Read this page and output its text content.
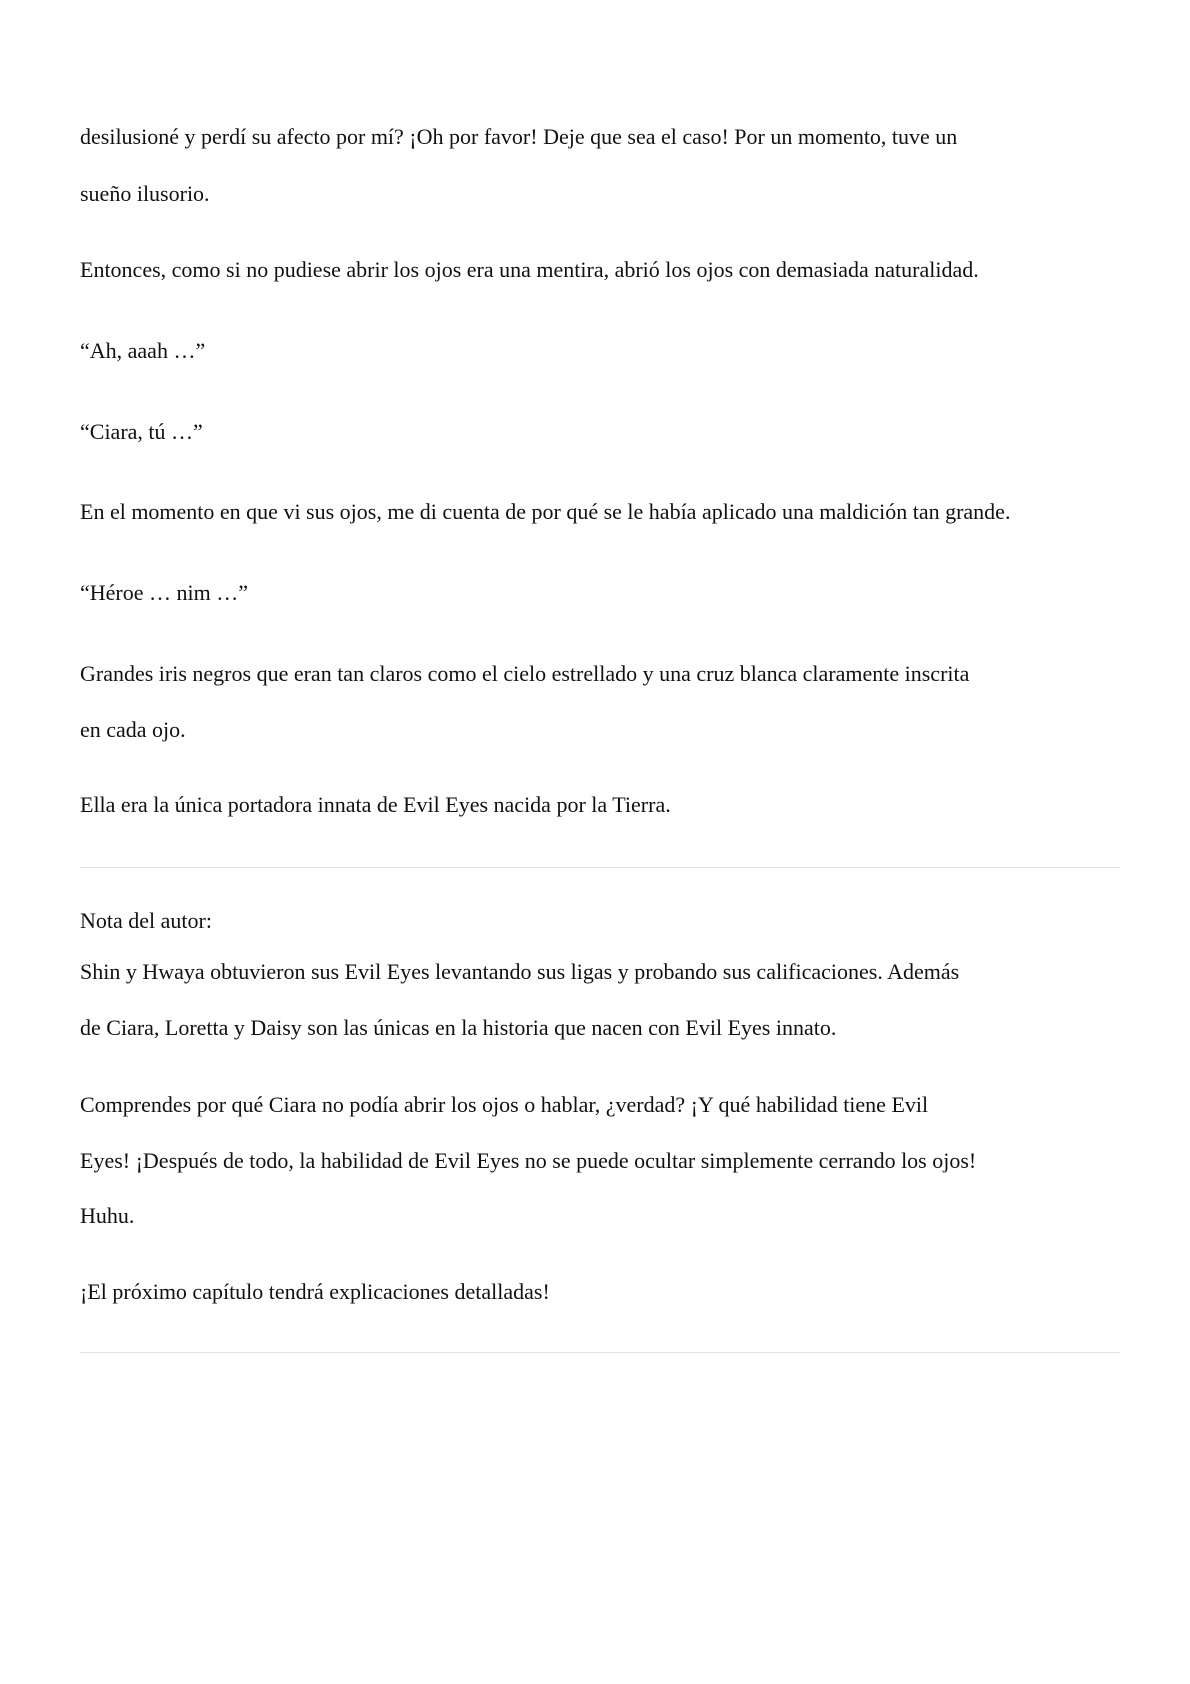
desilusioné y perdí su afecto por mí? ¡Oh por favor! Deje que sea el caso! Por un momento, tuve un
sueño ilusorio.
Entonces, como si no pudiese abrir los ojos era una mentira, abrió los ojos con demasiada naturalidad.
“Ah, aaah …”
“Ciara, tú …”
En el momento en que vi sus ojos, me di cuenta de por qué se le había aplicado una maldición tan grande.
“Héroe … nim …”
Grandes iris negros que eran tan claros como el cielo estrellado y una cruz blanca claramente inscrita
en cada ojo.
Ella era la única portadora innata de Evil Eyes nacida por la Tierra.
Nota del autor:
Shin y Hwaya obtuvieron sus Evil Eyes levantando sus ligas y probando sus calificaciones. Además
de Ciara, Loretta y Daisy son las únicas en la historia que nacen con Evil Eyes innato.
Comprendes por qué Ciara no podía abrir los ojos o hablar, ¿verdad? ¡Y qué habilidad tiene Evil
Eyes! ¡Después de todo, la habilidad de Evil Eyes no se puede ocultar simplemente cerrando los ojos!
Huhu.
¡El próximo capítulo tendrá explicaciones detalladas!
